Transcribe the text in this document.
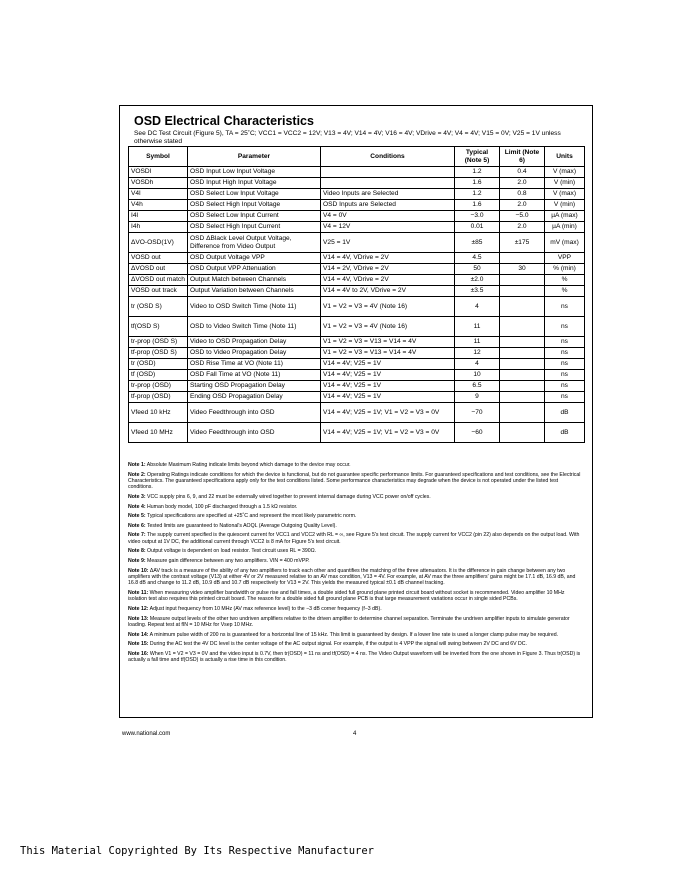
OSD Electrical Characteristics
See DC Test Circuit (Figure 5), TA = 25˚C; VCC1 = VCC2 = 12V; V13 = 4V; V14 = 4V; V16 = 4V; VDrive = 4V; V4 = 4V; V15 = 0V; V25 = 1V unless otherwise stated
Symbol	Parameter	Conditions	Typical (Note 5)	Limit (Note 6)	Units
VOSDl	OSD Input Low Input Voltage		1.2	0.4	V (max)
VOSDh	OSD Input High Input Voltage		1.6	2.0	V (min)
V4l	OSD Select Low Input Voltage	Video Inputs are Selected	1.2	0.8	V (max)
V4h	OSD Select High Input Voltage	OSD Inputs are Selected	1.6	2.0	V (min)
I4l	OSD Select Low Input Current	V4 = 0V	−3.0	−5.0	µA (max)
I4h	OSD Select High Input Current	V4 = 12V	0.01	2.0	µA (min)
ΔVO-OSD(1V)	OSD ΔBlack Level Output Voltage, Difference from Video Output	V25 = 1V	±85	±175	mV (max)
VOSD out	OSD Output Voltage VPP	V14 = 4V, VDrive = 2V	4.5		VPP
ΔVOSD out	OSD Output VPP Attenuation	V14 = 2V, VDrive = 2V	50	30	% (min)
ΔVOSD out match	Output Match between Channels	V14 = 4V, VDrive = 2V	±2.0		%
VOSD out track	Output Variation between Channels	V14 = 4V to 2V, VDrive = 2V	±3.5		%
tr (OSD S)	Video to OSD Switch Time (Note 11)	V1 = V2 = V3 = 4V (Note 16)	4		ns
tf(OSD S)	OSD to Video Switch Time (Note 11)	V1 = V2 = V3 = 4V (Note 16)	11		ns
tr-prop (OSD S)	Video to OSD Propagation Delay	V1 = V2 = V3 = V13 = V14 = 4V	11		ns
tf-prop (OSD S)	OSD to Video Propagation Delay	V1 = V2 = V3 = V13 = V14 = 4V	12		ns
tr (OSD)	OSD Rise Time at VO (Note 11)	V14 = 4V; V25 = 1V	4		ns
tf (OSD)	OSD Fall Time at VO (Note 11)	V14 = 4V; V25 = 1V	10		ns
tr-prop (OSD)	Starting OSD Propagation Delay	V14 = 4V; V25 = 1V	6.5		ns
tf-prop (OSD)	Ending OSD Propagation Delay	V14 = 4V; V25 = 1V	9		ns
Vfeed 10 kHz	Video Feedthrough into OSD	V14 = 4V; V25 = 1V; V1 = V2 = V3 = 0V	−70		dB
Vfeed 10 MHz	Video Feedthrough into OSD	V14 = 4V; V25 = 1V; V1 = V2 = V3 = 0V	−60		dB
Note 1: Absolute Maximum Rating indicate limits beyond which damage to the device may occur.
Note 2: Operating Ratings indicate conditions for which the device is functional, but do not guarantee specific performance limits. For guaranteed specifications and test conditions, see the Electrical Characteristics. The guaranteed specifications apply only for the test conditions listed. Some performance characteristics may degrade when the device is not operated under the listed test conditions.
Note 3: VCC supply pins 6, 9, and 22 must be externally wired together to prevent internal damage during VCC power on/off cycles.
Note 4: Human body model, 100 pF discharged through a 1.5 kΩ resistor.
Note 5: Typical specifications are specified at +25˚C and represent the most likely parametric norm.
Note 6: Tested limits are guaranteed to National's AOQL (Average Outgoing Quality Level).
Note 7: The supply current specified is the quiescent current for VCC1 and VCC2 with RL = ∞, see Figure 5's test circuit. The supply current for VCC2 (pin 22) also depends on the output load. With video output at 1V DC, the additional current through VCC2 is 8 mA for Figure 5's test circuit.
Note 8: Output voltage is dependent on load resistor. Test circuit uses RL = 390Ω.
Note 9: Measure gain difference between any two amplifiers. VIN = 400 mVPP.
Note 10: ΔAV track is a measure of the ability of any two amplifiers to track each other and quantifies the matching of the three attenuators. It is the difference in gain change between any two amplifiers with the contrast voltage (V13) at either 4V or 2V measured relative to an AV max condition, V13 = 4V. For example, at AV max the three amplifiers' gains might be 17.1 dB, 16.9 dB, and 16.8 dB and change to 11.2 dB, 10.9 dB and 10.7 dB respectively for V13 = 2V. This yields the measured typical ±0.1 dB channel tracking.
Note 11: When measuring video amplifier bandwidth or pulse rise and fall times, a double sided full ground plane printed circuit board without socket is recommended. Video amplifier 10 MHz isolation test also requires this printed circuit board. The reason for a double sided full ground plane PCB is that large measurement variations occur in single sided PCBs.
Note 12: Adjust input frequency from 10 MHz (AV max reference level) to the −3 dB corner frequency (f−3 dB).
Note 13: Measure output levels of the other two undriven amplifiers relative to the driven amplifier to determine channel separation. Terminate the undriven amplifier inputs to simulate generator loading. Repeat test at fIN = 10 MHz for Vsep 10 MHz.
Note 14: A minimum pulse width of 200 ns is guaranteed for a horizontal line of 15 kHz. This limit is guaranteed by design. If a lower line rate is used a longer clamp pulse may be required.
Note 15: During the AC test the 4V DC level is the center voltage of the AC output signal. For example, if the output is 4 VPP the signal will swing between 2V DC and 6V DC.
Note 16: When V1 = V2 = V3 = 0V and the video input is 0.7V, then tr(OSD) = 11 ns and tf(OSD) = 4 ns. The Video Output waveform will be inverted from the one shown in Figure 3. Thus tr(OSD) is actually a fall time and tf(OSD) is actually a rise time in this condition.
www.national.com	4
This Material Copyrighted By Its Respective Manufacturer
